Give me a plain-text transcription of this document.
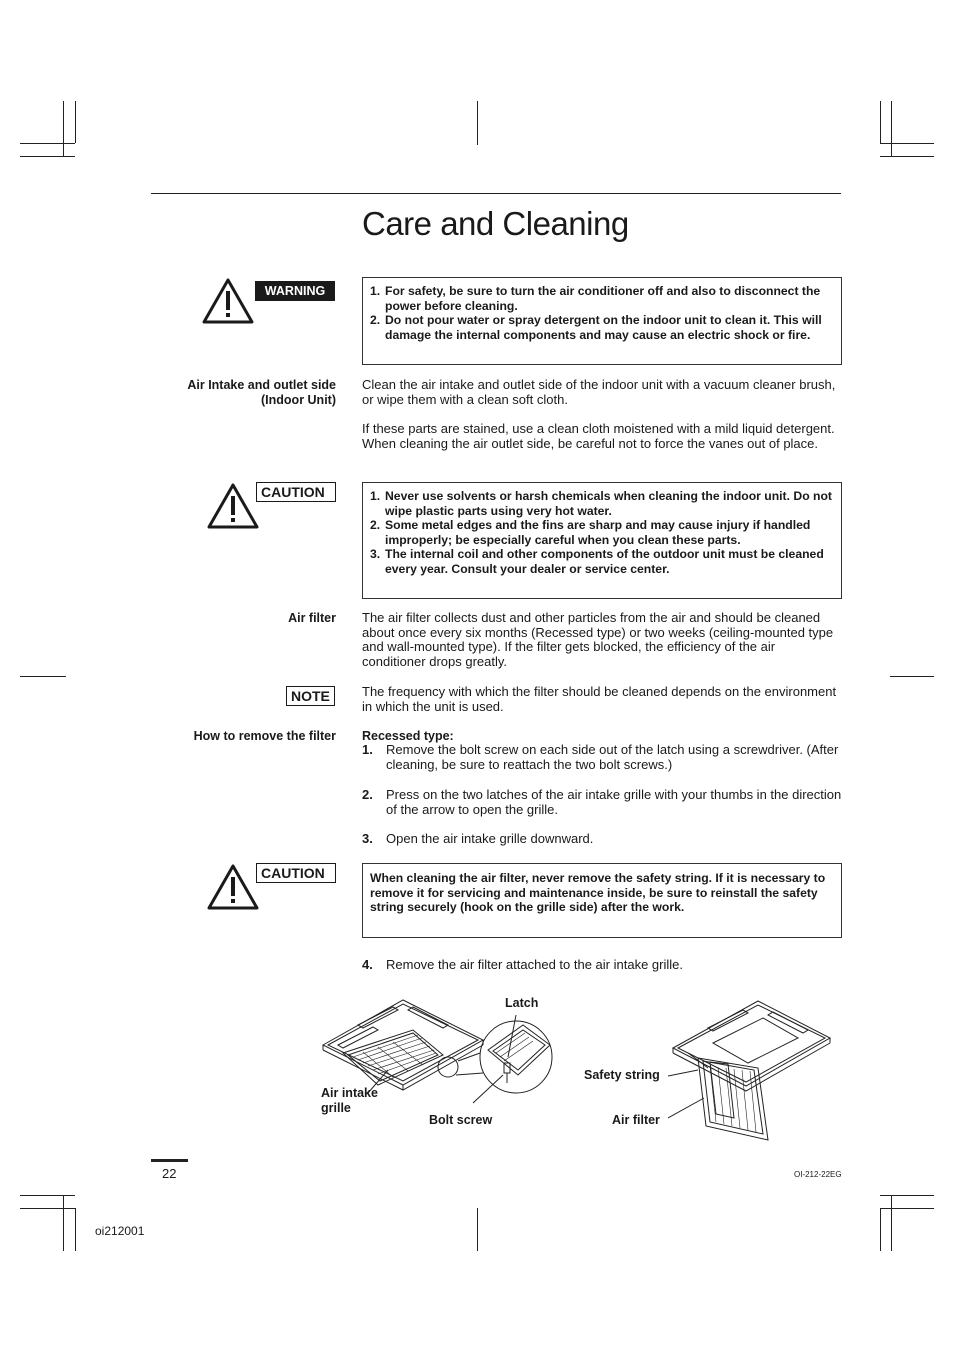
Care and Cleaning
WARNING	1. For safety, be sure to turn the air conditioner off and also to disconnect the power before cleaning.
2. Do not pour water or spray detergent on the indoor unit to clean it. This will damage the internal components and may cause an electric shock or fire.
Air Intake and outlet side
(Indoor Unit)
Clean the air intake and outlet side of the indoor unit with a vacuum cleaner brush, or wipe them with a clean soft cloth.
If these parts are stained, use a clean cloth moistened with a mild liquid detergent. When cleaning the air outlet side, be careful not to force the vanes out of place.
CAUTION	1. Never use solvents or harsh chemicals when cleaning the indoor unit. Do not wipe plastic parts using very hot water.
2. Some metal edges and the fins are sharp and may cause injury if handled improperly; be especially careful when you clean these parts.
3. The internal coil and other components of the outdoor unit must be cleaned every year. Consult your dealer or service center.
Air filter The air filter collects dust and other particles from the air and should be cleaned about once every six months (Recessed type) or two weeks (ceiling-mounted type and wall-mounted type). If the filter gets blocked, the efficiency of the air conditioner drops greatly.
NOTE	The frequency with which the filter should be cleaned depends on the environment in which the unit is used.
How to remove the filter Recessed type:
1.	Remove the bolt screw on each side out of the latch using a screwdriver. (After cleaning, be sure to reattach the two bolt screws.)
2.	Press on the two latches of the air intake grille with your thumbs in the direction of the arrow to open the grille.
3.	Open the air intake grille downward.
CAUTION	When cleaning the air filter, never remove the safety string. If it is necessary to remove it for servicing and maintenance inside, be sure to reinstall the safety string securely (hook on the grille side) after the work.
4.	Remove the air filter attached to the air intake grille.
Latch
Air intake
grille
Bolt screw
Safety string
Air filter
22	OI-212-22EG
oi212001
